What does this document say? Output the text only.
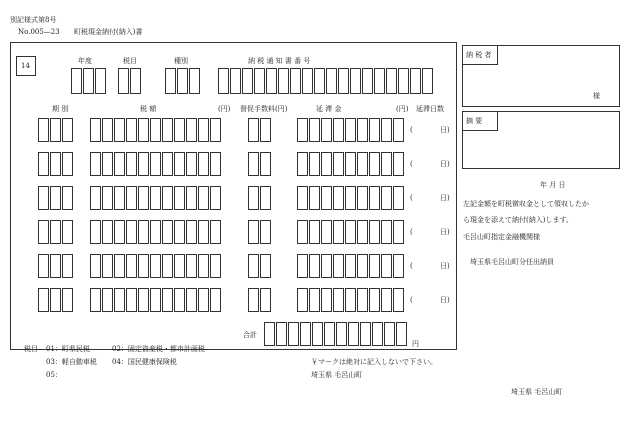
別記様式第8号
No.005—23 町税現金納付(納入)書
14
年度	税目	種別	納 税 通 知 書 番 号
期 別	税 額	(円) 督促手数料(円)	延 滞 金	(円) 延滞日数
(	日)
(	日)
(	日)
(	日)
(	日)
(	日)
合計
円
納 税 者
様
摘 要
年 月 日
左記金額を町税徴収金として領収したか
ら現金を添えて納付(納入)します。
毛呂山町指定金融機関様
埼玉県毛呂山町分任出納員
税目 01：町県民税	02：固定資産税・都市計画税
03：軽自動車税 04：国民健康保険税
05：
￥マークは絶対に記入しないで下さい。
埼玉県 毛呂山町
埼玉県 毛呂山町
